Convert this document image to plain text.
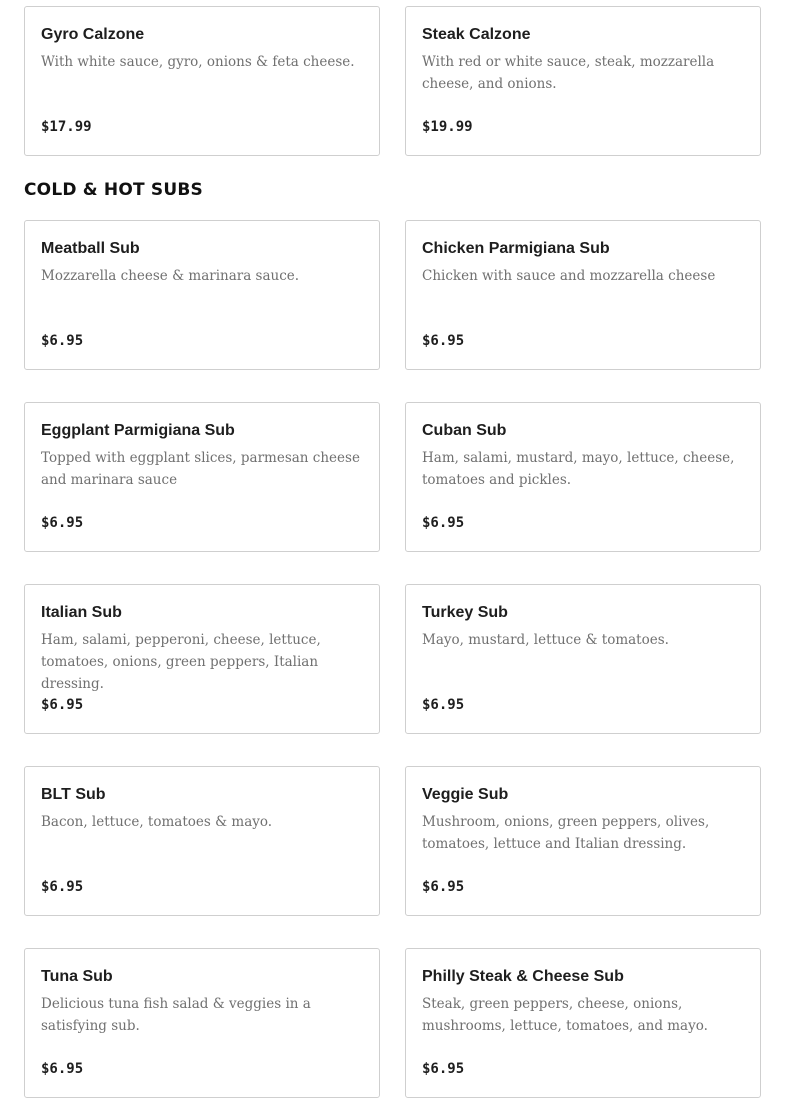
Gyro Calzone
With white sauce, gyro, onions & feta cheese.
$17.99
Steak Calzone
With red or white sauce, steak, mozzarella cheese, and onions.
$19.99
COLD & HOT SUBS
Meatball Sub
Mozzarella cheese & marinara sauce.
$6.95
Chicken Parmigiana Sub
Chicken with sauce and mozzarella cheese
$6.95
Eggplant Parmigiana Sub
Topped with eggplant slices, parmesan cheese and marinara sauce
$6.95
Cuban Sub
Ham, salami, mustard, mayo, lettuce, cheese, tomatoes and pickles.
$6.95
Italian Sub
Ham, salami, pepperoni, cheese, lettuce, tomatoes, onions, green peppers, Italian dressing.
$6.95
Turkey Sub
Mayo, mustard, lettuce & tomatoes.
$6.95
BLT Sub
Bacon, lettuce, tomatoes & mayo.
$6.95
Veggie Sub
Mushroom, onions, green peppers, olives, tomatoes, lettuce and Italian dressing.
$6.95
Tuna Sub
Delicious tuna fish salad & veggies in a satisfying sub.
$6.95
Philly Steak & Cheese Sub
Steak, green peppers, cheese, onions, mushrooms, lettuce, tomatoes, and mayo.
$6.95
